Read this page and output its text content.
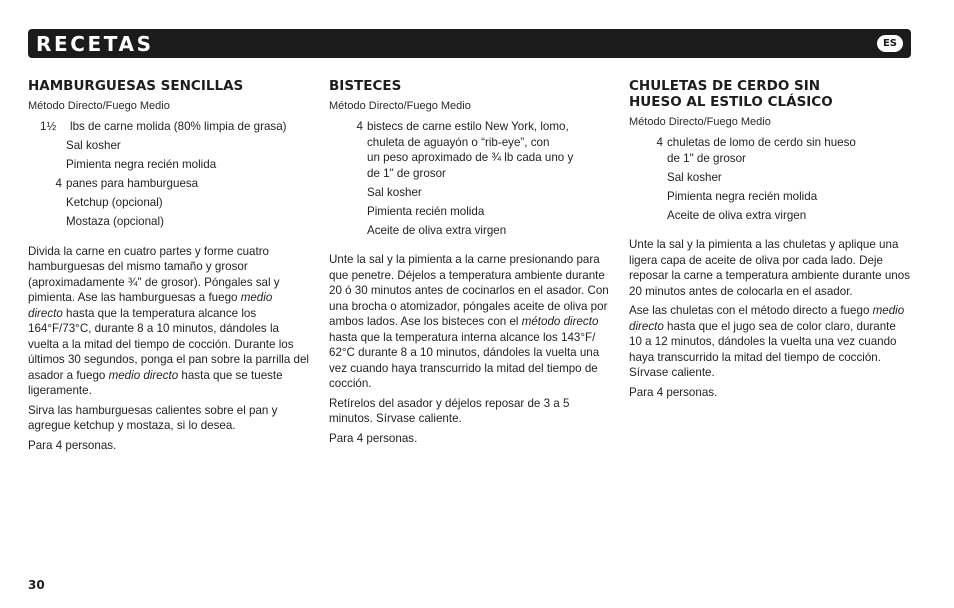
RECETAS	ES
HAMBURGUESAS SENCILLAS
Método Directo/Fuego Medio
1½	lbs de carne molida (80% limpia de grasa)
Sal kosher
Pimienta negra recién molida
4 panes para hamburguesa
Ketchup (opcional)
Mostaza (opcional)

Divida la carne en cuatro partes y forme cuatro hamburguesas del mismo tamaño y grosor (aproximadamente ¾" de grosor). Póngales sal y pimienta. Ase las hamburguesas a fuego medio directo hasta que la temperatura alcance los 164°F/73°C, durante 8 a 10 minutos, dándoles la vuelta a la mitad del tiempo de cocción. Durante los últimos 30 segundos, ponga el pan sobre la parrilla del asador a fuego medio directo hasta que se tueste ligeramente.

Sirva las hamburguesas calientes sobre el pan y agregue ketchup y mostaza, si lo desea.

Para 4 personas.

BISTECES
Método Directo/Fuego Medio
4 bistecs de carne estilo New York, lomo,
chuleta de aguayón o “rib-eye”, con
un peso aproximado de ¾ lb cada uno y
de 1" de grosor
Sal kosher
Pimienta recién molida
Aceite de oliva extra virgen

Unte la sal y la pimienta a la carne presionando para que penetre. Déjelos a temperatura ambiente durante 20 ó 30 minutos antes de cocinarlos en el asador. Con una brocha o atomizador, póngales aceite de oliva por ambos lados. Ase los bisteces con el método directo hasta que la temperatura interna alcance los 143°F/ 62°C durante 8 a 10 minutos, dándoles la vuelta una vez cuando haya transcurrido la mitad del tiempo de cocción.

Retírelos del asador y déjelos reposar de 3 a 5 minutos. Sírvase caliente.

Para 4 personas.

CHULETAS DE CERDO SIN
HUESO AL ESTILO CLÁSICO
Método Directo/Fuego Medio
4 chuletas de lomo de cerdo sin hueso
de 1" de grosor
Sal kosher
Pimienta negra recién molida
Aceite de oliva extra virgen

Unte la sal y la pimienta a las chuletas y aplique una ligera capa de aceite de oliva por cada lado. Deje reposar la carne a temperatura ambiente durante unos 20 minutos antes de colocarla en el asador.

Ase las chuletas con el método directo a fuego medio directo hasta que el jugo sea de color claro, durante 10 a 12 minutos, dándoles la vuelta una vez cuando haya transcurrido la mitad del tiempo de cocción. Sírvase caliente.

Para 4 personas.

30
